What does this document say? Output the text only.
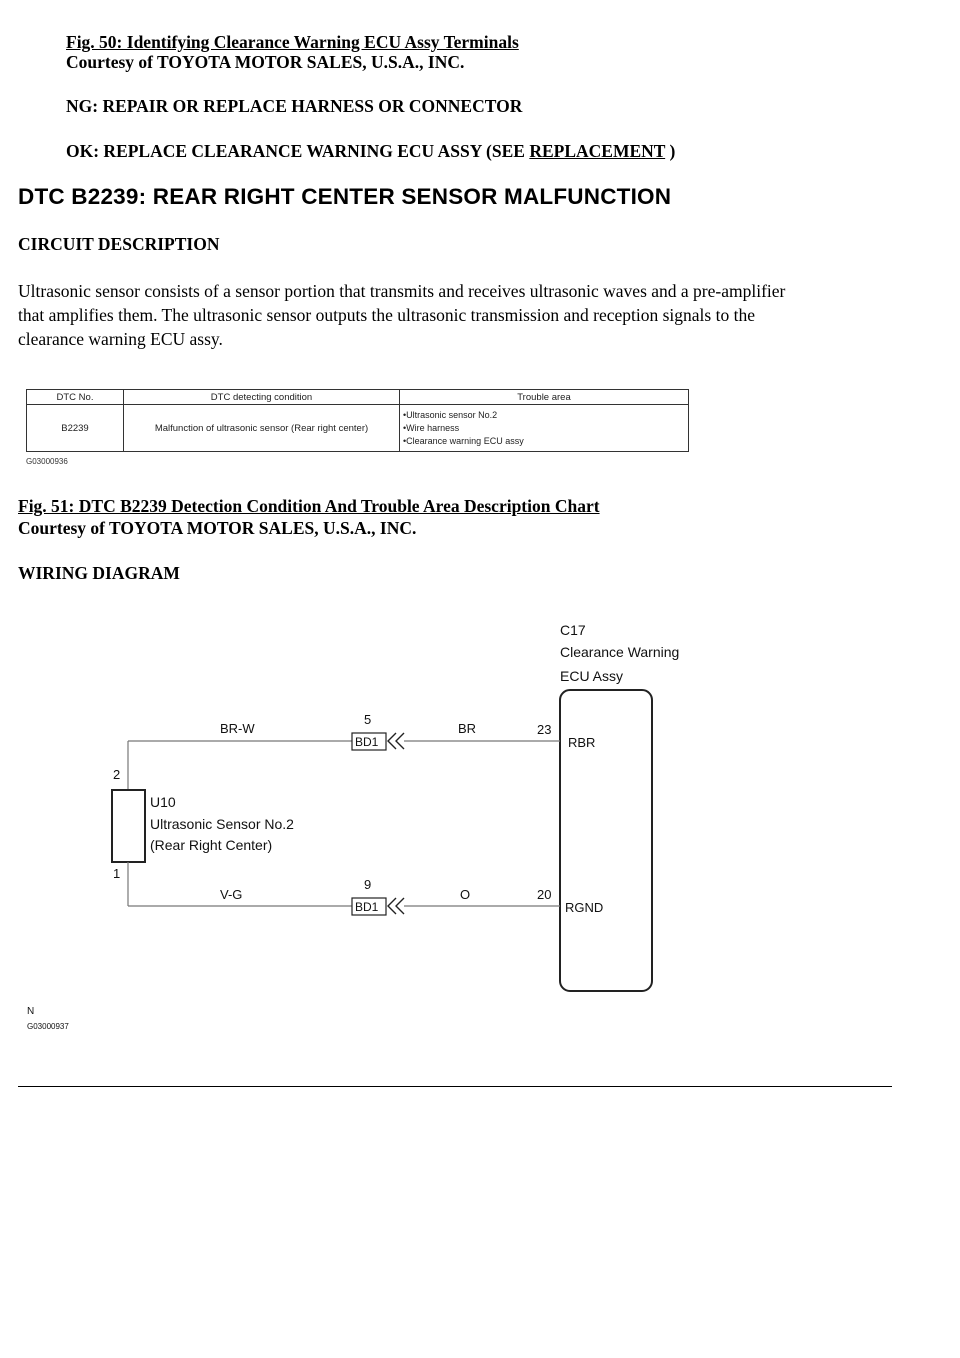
Fig. 50: Identifying Clearance Warning ECU Assy Terminals
Courtesy of TOYOTA MOTOR SALES, U.S.A., INC.
NG: REPAIR OR REPLACE HARNESS OR CONNECTOR
OK: REPLACE CLEARANCE WARNING ECU ASSY (SEE REPLACEMENT )
DTC B2239: REAR RIGHT CENTER SENSOR MALFUNCTION
CIRCUIT DESCRIPTION
Ultrasonic sensor consists of a sensor portion that transmits and receives ultrasonic waves and a pre-amplifier
that amplifies them. The ultrasonic sensor outputs the ultrasonic transmission and reception signals to the
clearance warning ECU assy.
DTC No.	DTC detecting condition	Trouble area
B2239	Malfunction of ultrasonic sensor (Rear right center)	•Ultrasonic sensor No.2
•Wire harness
•Clearance warning ECU assy
G03000936
Fig. 51: DTC B2239 Detection Condition And Trouble Area Description Chart
Courtesy of TOYOTA MOTOR SALES, U.S.A., INC.
WIRING DIAGRAM
C17
Clearance Warning
ECU Assy
RBR
RGND
BR-W
5
BD1
BR	23
2
1
U10
Ultrasonic Sensor No.2
(Rear Right Center)
V-G
9
BD1
O	20
N
G03000937
